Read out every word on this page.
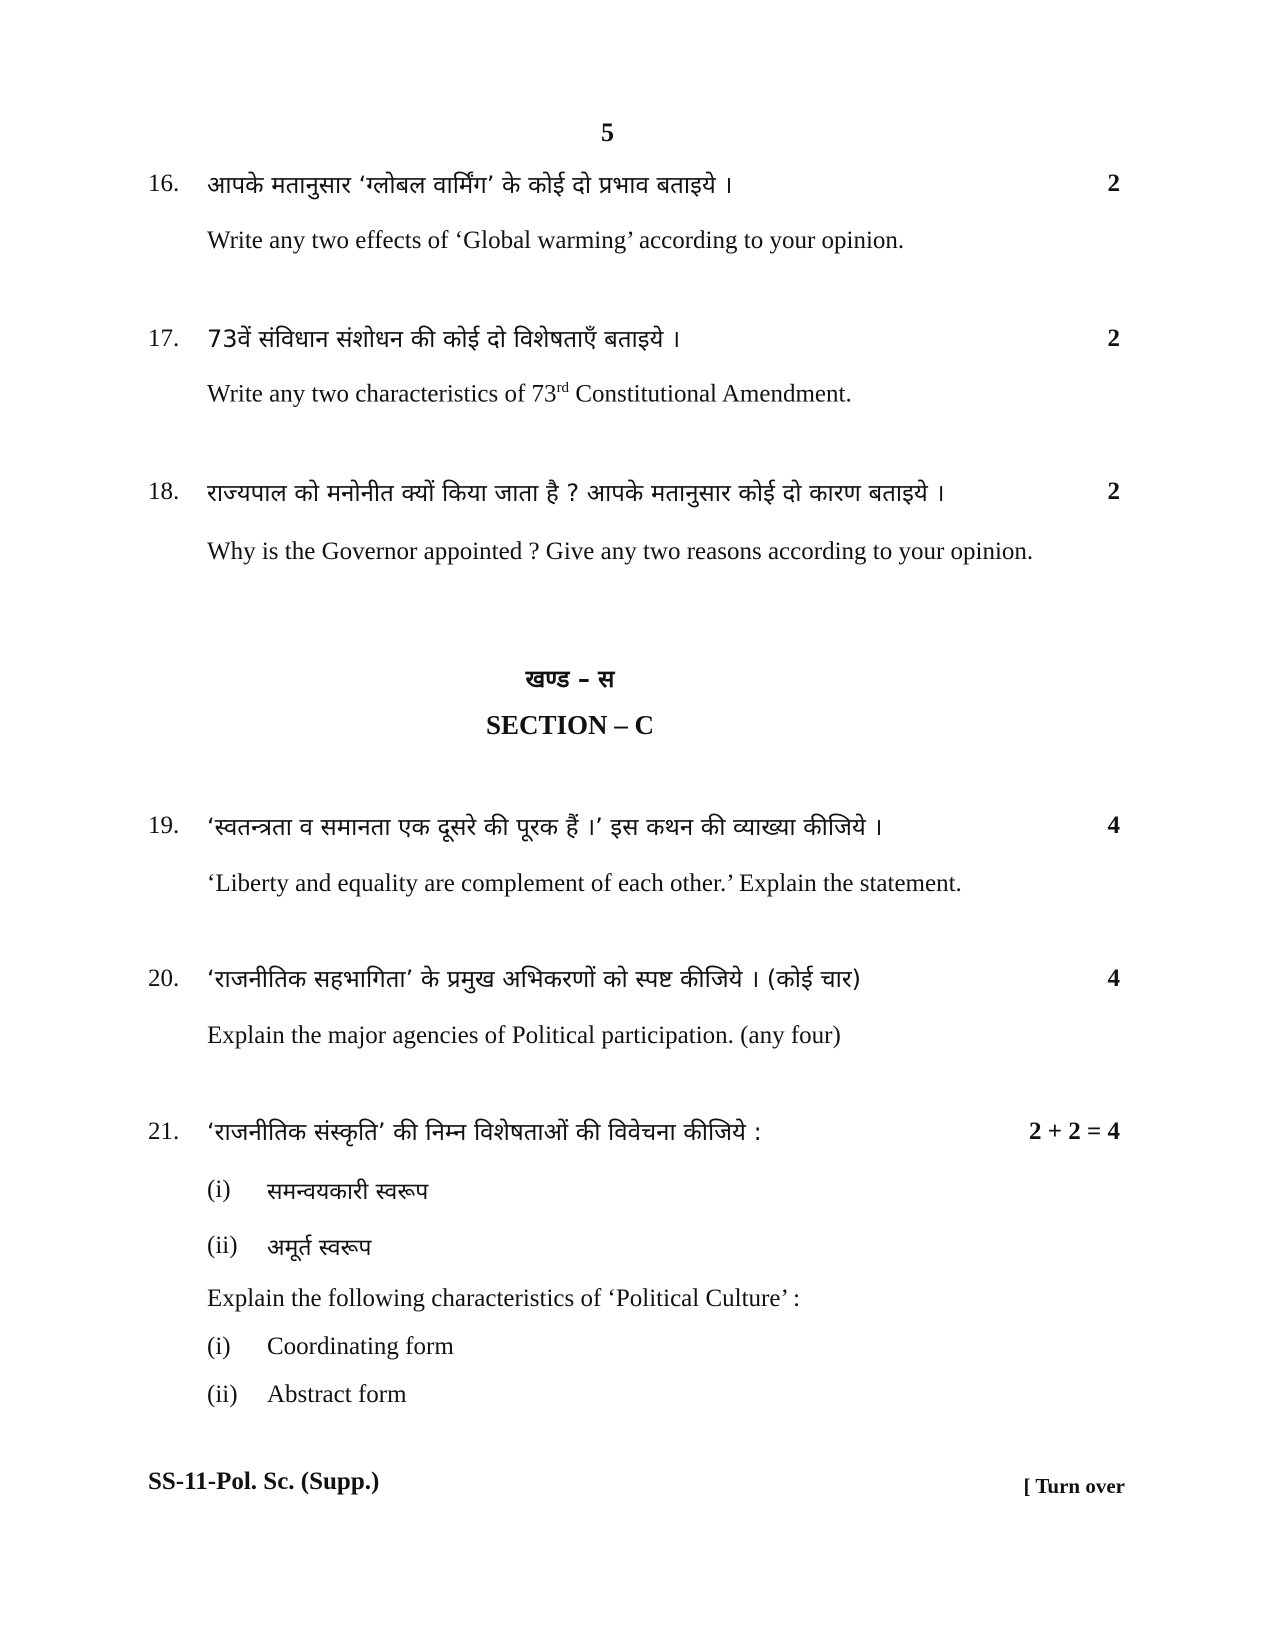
5
16. आपके मतानुसार ‘ग्लोबल वार्मिंग’ के कोई दो प्रभाव बताइये ।	2
Write any two effects of ‘Global warming’ according to your opinion.
17. 73वें संविधान संशोधन की कोई दो विशेषताएँ बताइये ।	2
Write any two characteristics of 73rd Constitutional Amendment.
18. राज्यपाल को मनोनीत क्यों किया जाता है ? आपके मतानुसार कोई दो कारण बताइये ।	2
Why is the Governor appointed ? Give any two reasons according to your opinion.
खण्ड – स
SECTION – C
19. ‘स्वतन्त्रता व समानता एक दूसरे की पूरक हैं ।’ इस कथन की व्याख्या कीजिये ।	4
‘Liberty and equality are complement of each other.’ Explain the statement.
20. ‘राजनीतिक सहभागिता’ के प्रमुख अभिकरणों को स्पष्ट कीजिये । (कोई चार)	4
Explain the major agencies of Political participation. (any four)
21. ‘राजनीतिक संस्कृति’ की निम्न विशेषताओं की विवेचना कीजिये :	2 + 2 = 4
(i) समन्वयकारी स्वरूप
(ii) अमूर्त स्वरूप
Explain the following characteristics of ‘Political Culture’ :
(i) Coordinating form
(ii) Abstract form
SS-11-Pol. Sc. (Supp.)	[ Turn over
